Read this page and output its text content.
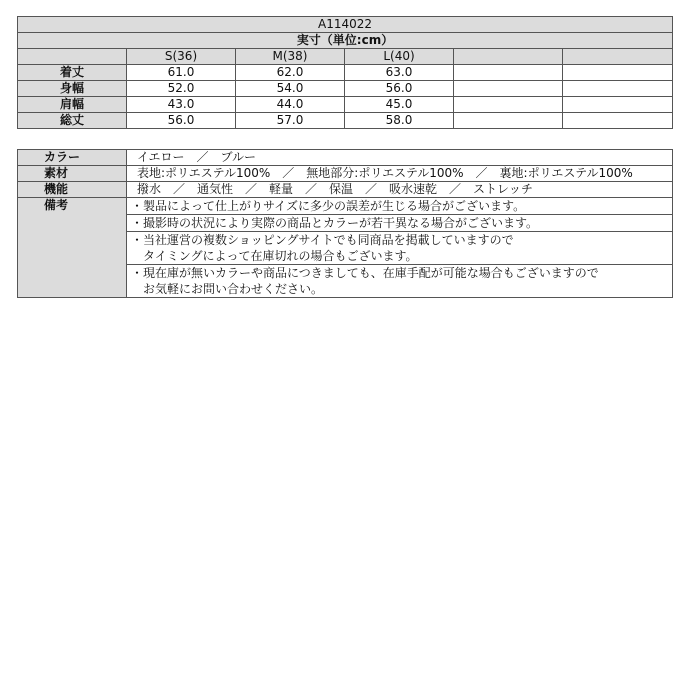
A114022					
実寸（単位:cm）					
	S(36)	M(38)	L(40)		
着丈	61.0	62.0	63.0		
身幅	52.0	54.0	56.0		
肩幅	43.0	44.0	45.0		
総丈	56.0	57.0	58.0		
カラー	イエロー　／　ブルー
素材	表地:ポリエステル100%　／　無地部分:ポリエステル100%　／　裏地:ポリエステル100%
機能	撥水　／　通気性　／　軽量　／　保温　／　吸水速乾　／　ストレッチ
備考	・製品によって仕上がりサイズに多少の誤差が生じる場合がございます。

	・撮影時の状況により実際の商品とカラーが若干異なる場合がございます。

	・当社運営の複数ショッピングサイトでも同商品を掲載していますので
　タイミングによって在庫切れの場合もございます。

	・現在庫が無いカラーや商品につきましても、在庫手配が可能な場合もございますので
　お気軽にお問い合わせください。
